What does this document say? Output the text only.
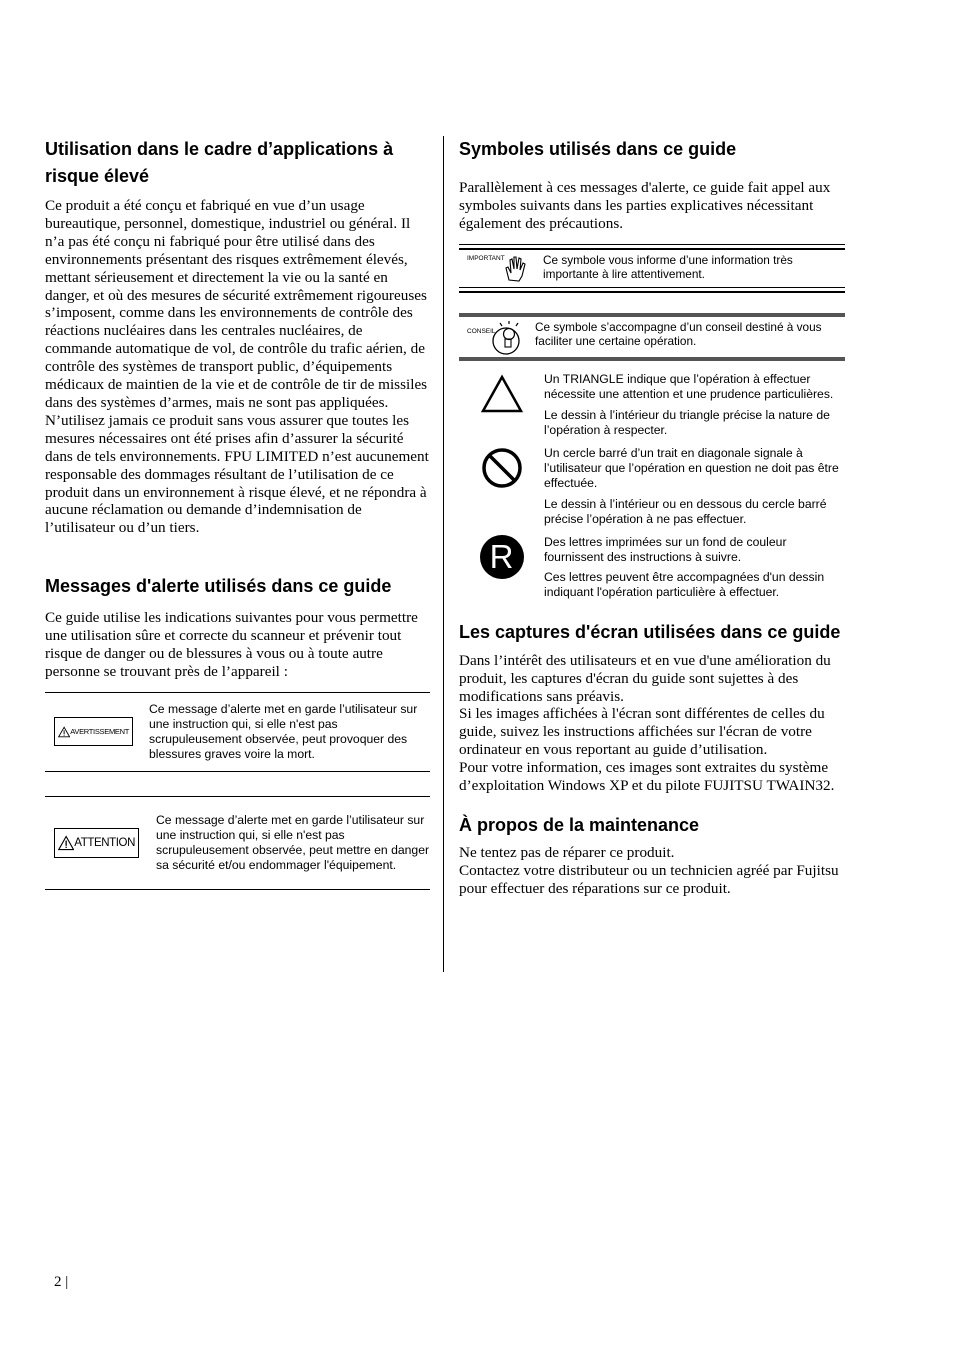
Utilisation dans le cadre d’applications à risque élevé

Ce produit a été conçu et fabriqué en vue d’un usage bureautique, personnel, domestique, industriel ou général. Il n’a pas été conçu ni fabriqué pour être utilisé dans des environnements présentant des risques extrêmement élevés, mettant sérieusement et directement la vie ou la santé en danger, et où des mesures de sécurité extrêmement rigoureuses s’imposent, comme dans les environnements de contrôle des réactions nucléaires dans les centrales nucléaires, de commande automatique de vol, de contrôle du trafic aérien, de contrôle des systèmes de transport public, d’équipements médicaux de maintien de la vie et de contrôle de tir de missiles dans des systèmes d’armes, mais ne sont pas appliquées.

N’utilisez jamais ce produit sans vous assurer que toutes les mesures nécessaires ont été prises afin d’assurer la sécurité dans de tels environnements. FPU LIMITED n’est aucunement responsable des dommages résultant de l’utilisation de ce produit dans un environnement à risque élevé, et ne répondra à aucune réclamation ou demande d’indemnisation de l’utilisateur ou d’un tiers.

Messages d'alerte utilisés dans ce guide

Ce guide utilise les indications suivantes pour vous permettre une utilisation sûre et correcte du scanneur et prévenir tout risque de danger ou de blessures à vous ou à toute autre personne se trouvant près de l’appareil :

AVERTISSEMENT
Ce message d’alerte met en garde l’utilisateur sur une instruction qui, si elle n'est pas scrupuleusement observée, peut provoquer des blessures graves voire la mort.
ATTENTION
Ce message d’alerte met en garde l’utilisateur sur une instruction qui, si elle n'est pas scrupuleusement observée, peut mettre en danger sa sécurité et/ou endommager l'équipement.
Symboles utilisés dans ce guide

Parallèlement à ces messages d'alerte, ce guide fait appel aux symboles suivants dans les parties explicatives nécessitant également des précautions.

IMPORTANT	Ce symbole vous informe d’une information très importante à lire attentivement.
CONSEIL	Ce symbole s’accompagne d’un conseil destiné à vous faciliter une certaine opération.
Un TRIANGLE indique que l’opération à effectuer nécessite une attention et une prudence particulières.
Le dessin à l’intérieur du triangle précise la nature de l’opération à respecter.
Un cercle barré d’un trait en diagonale signale à l’utilisateur que l’opération en question ne doit pas être effectuée.
Le dessin à l’intérieur ou en dessous du cercle barré précise l’opération à ne pas effectuer.
R	Des lettres imprimées sur un fond de couleur fournissent des instructions à suivre.
Ces lettres peuvent être accompagnées d'un dessin indiquant l'opération particulière à effectuer.
Les captures d'écran utilisées dans ce guide

Dans l’intérêt des utilisateurs et en vue d'une amélioration du produit, les captures d'écran du guide sont sujettes à des modifications sans préavis.

Si les images affichées à l'écran sont différentes de celles du guide, suivez les instructions affichées sur l'écran de votre ordinateur en vous reportant au guide d’utilisation.

Pour votre information, ces images sont extraites du système d’exploitation Windows XP et du pilote FUJITSU TWAIN32.

À propos de la maintenance

Ne tentez pas de réparer ce produit.

Contactez votre distributeur ou un technicien agréé par Fujitsu pour effectuer des réparations sur ce produit.

2 |
